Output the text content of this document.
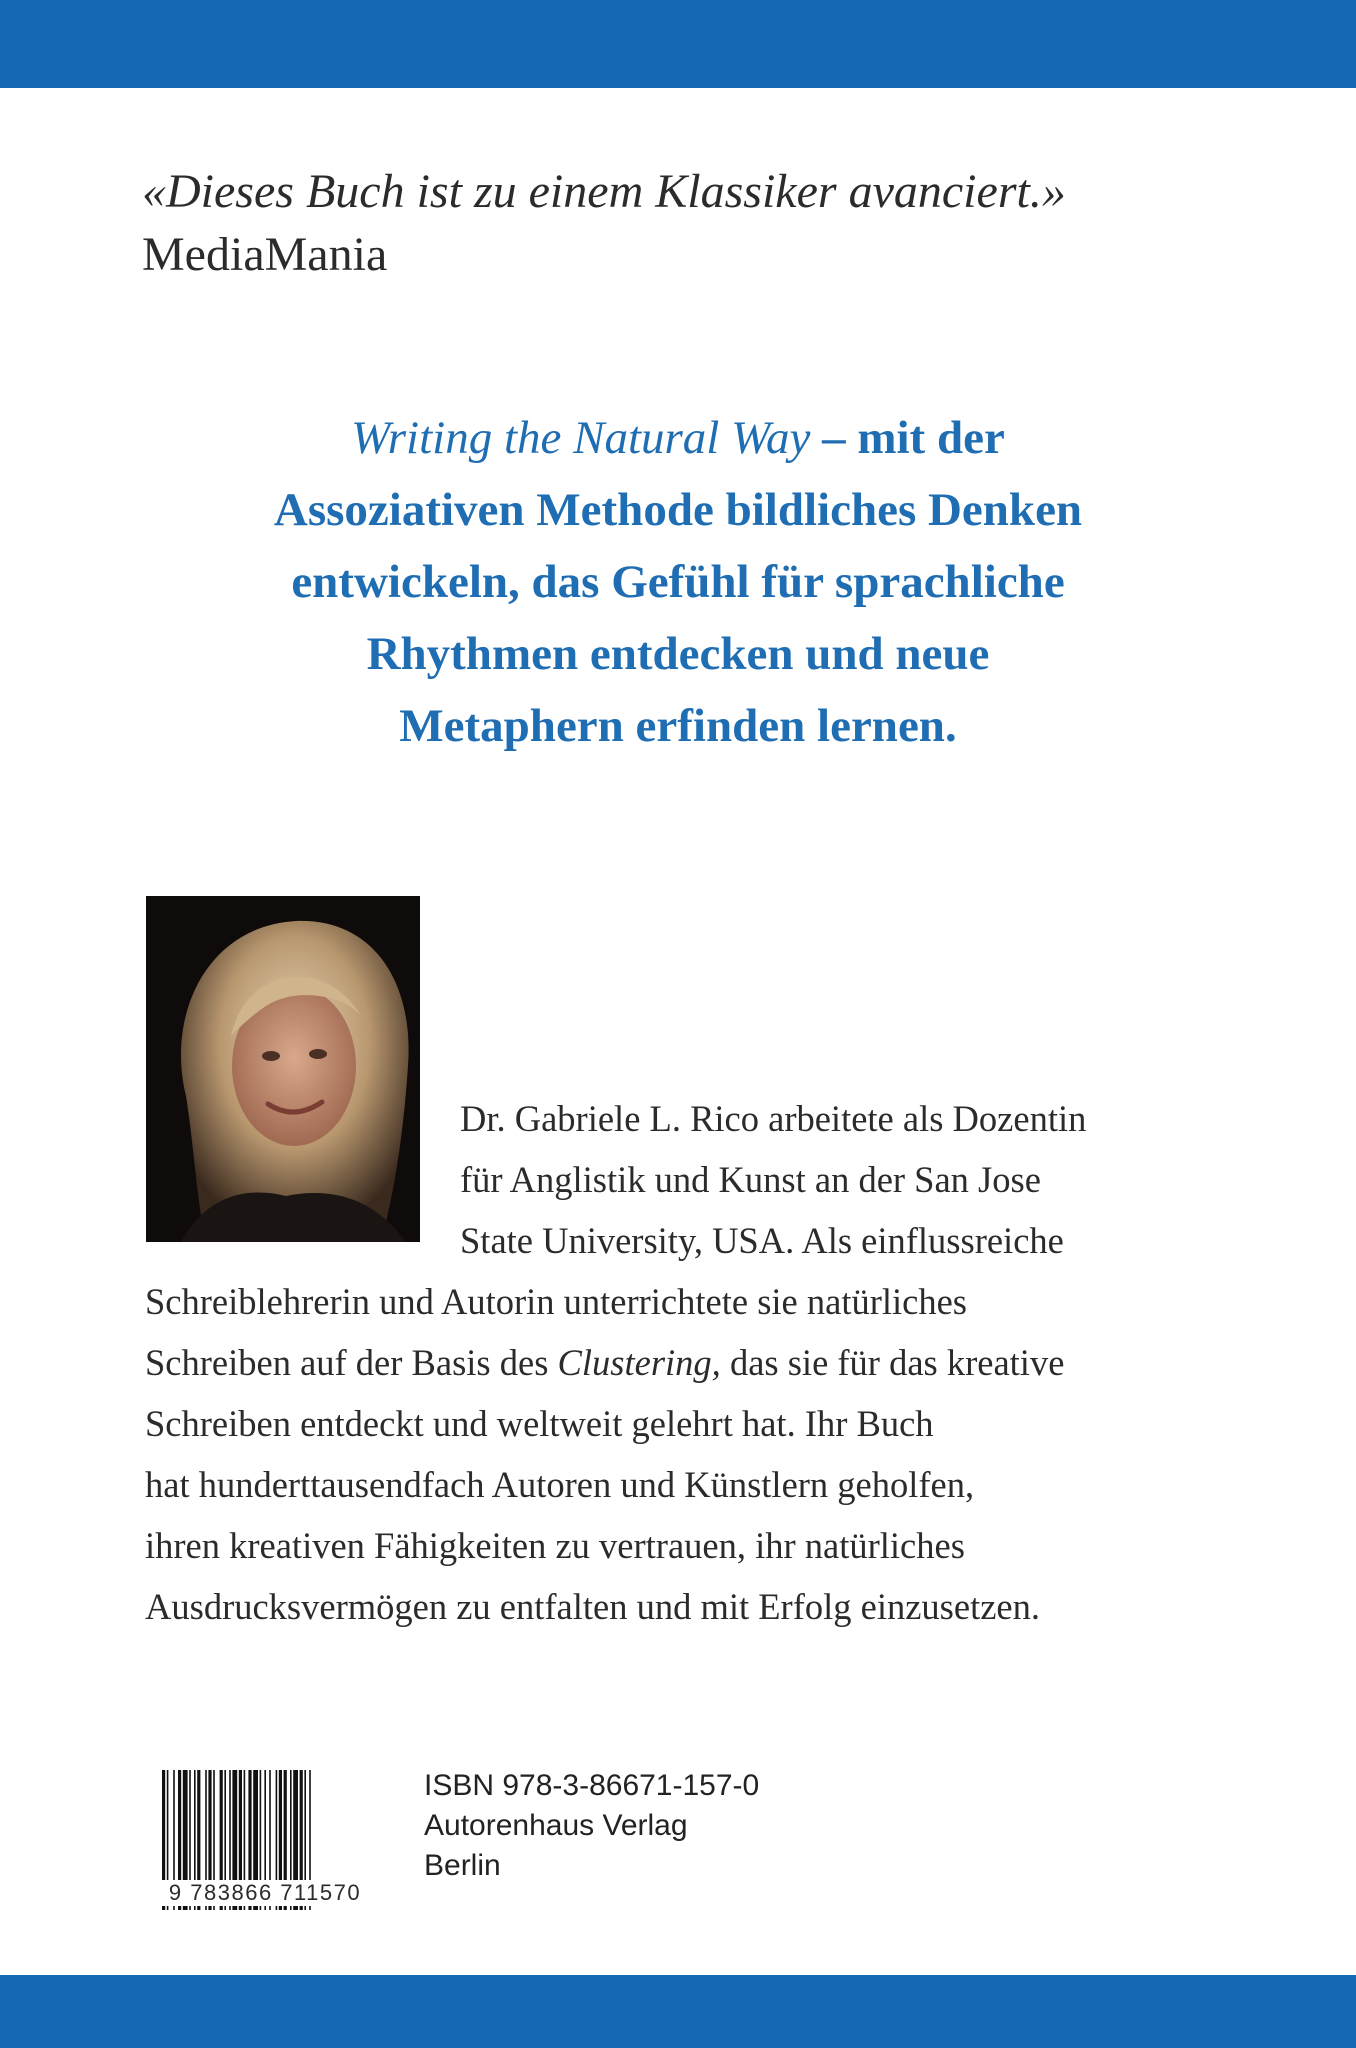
«Dieses Buch ist zu einem Klassiker avanciert.»
MediaMania
Writing the Natural Way – mit der
Assoziativen Methode bildliches Denken
entwickeln, das Gefühl für sprachliche
Rhythmen entdecken und neue
Metaphern erfinden lernen.
Dr. Gabriele L. Rico arbeitete als Dozentin
für Anglistik und Kunst an der San Jose
State University, USA. Als einflussreiche
Schreiblehrerin und Autorin unterrichtete sie natürliches
Schreiben auf der Basis des Clustering, das sie für das kreative
Schreiben entdeckt und weltweit gelehrt hat. Ihr Buch
hat hunderttausendfach Autoren und Künstlern geholfen,
ihren kreativen Fähigkeiten zu vertrauen, ihr natürliches
Ausdrucksvermögen zu entfalten und mit Erfolg einzusetzen.
9 783866 711570
ISBN 978-3-86671-157-0
Autorenhaus Verlag
Berlin
